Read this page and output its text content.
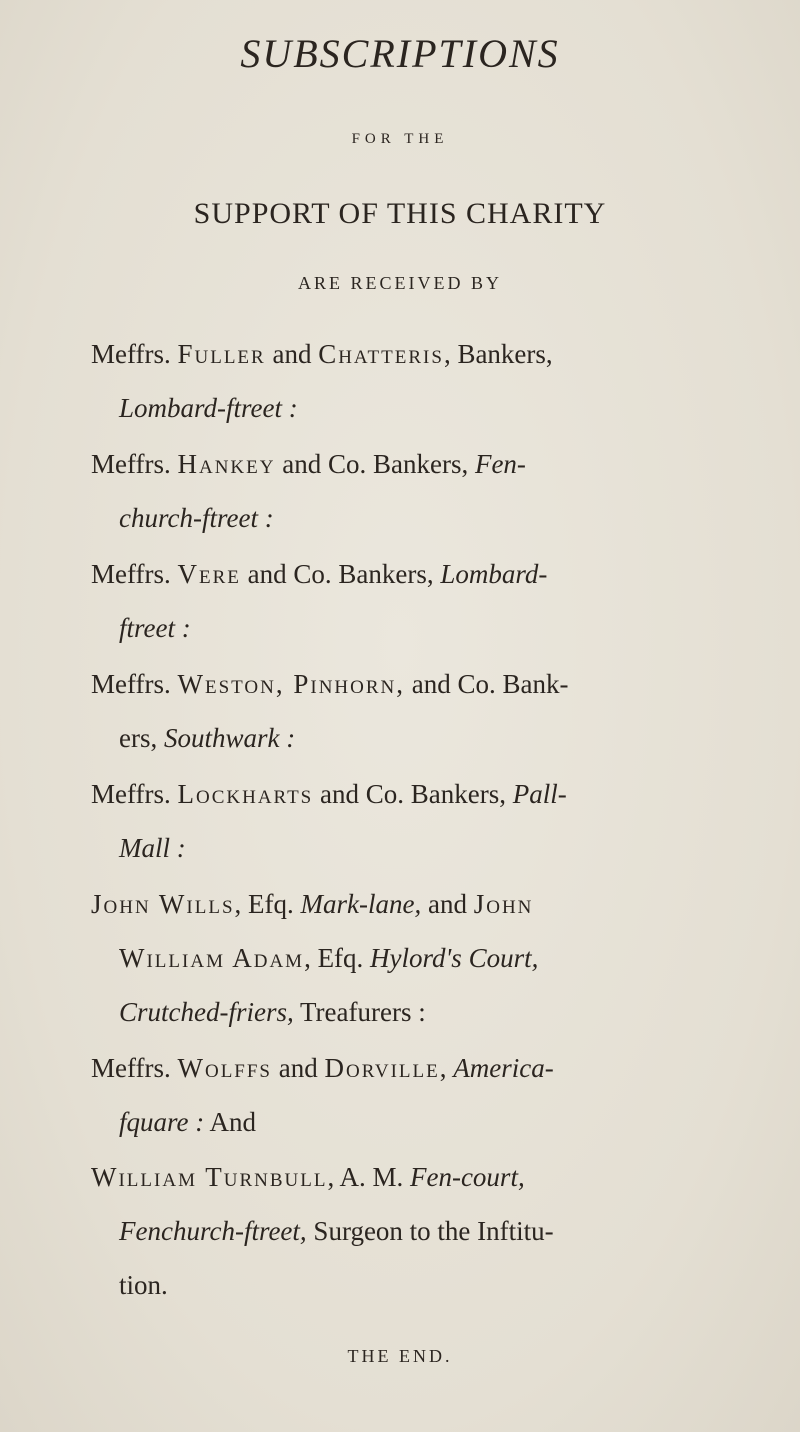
SUBSCRIPTIONS
FOR THE
SUPPORT OF THIS CHARITY
ARE RECEIVED BY
Meffrs. Fuller and Chatteris, Bankers,
Lombard-ftreet :
Meffrs. Hankey and Co. Bankers, Fen-
church-ftreet :
Meffrs. Vere and Co. Bankers, Lombard-
ftreet :
Meffrs. Weston, Pinhorn, and Co. Bank-
ers, Southwark :
Meffrs. Lockharts and Co. Bankers, Pall-
Mall :
John Wills, Efq. Mark-lane, and John
William Adam, Efq. Hylord's Court,
Crutched-friers, Treafurers :
Meffrs. Wolffs and Dorville, America-
fquare : And
William Turnbull, A. M. Fen-court,
Fenchurch-ftreet, Surgeon to the Inftitu-
tion.
THE END.
